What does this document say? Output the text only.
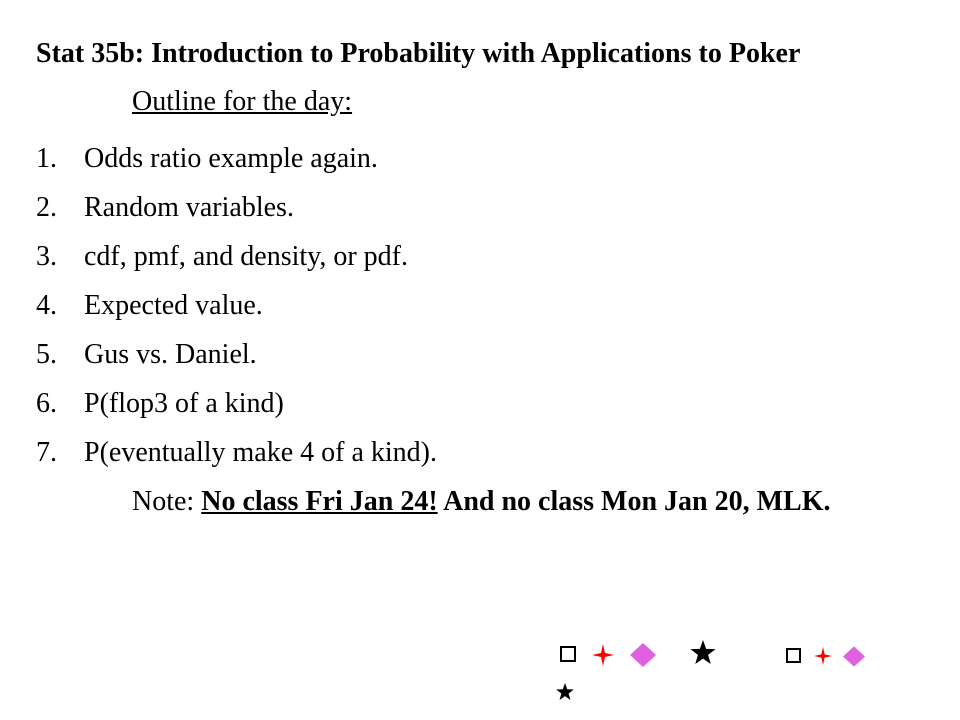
Stat 35b: Introduction to Probability with Applications to Poker
Outline for the day:
1. Odds ratio example again.
2. Random variables.
3. cdf, pmf, and density, or pdf.
4. Expected value.
5. Gus vs. Daniel.
6. P(flop3 of a kind)
7. P(eventually make 4 of a kind).
Note: No class Fri Jan 24! And no class Mon Jan 20, MLK.
